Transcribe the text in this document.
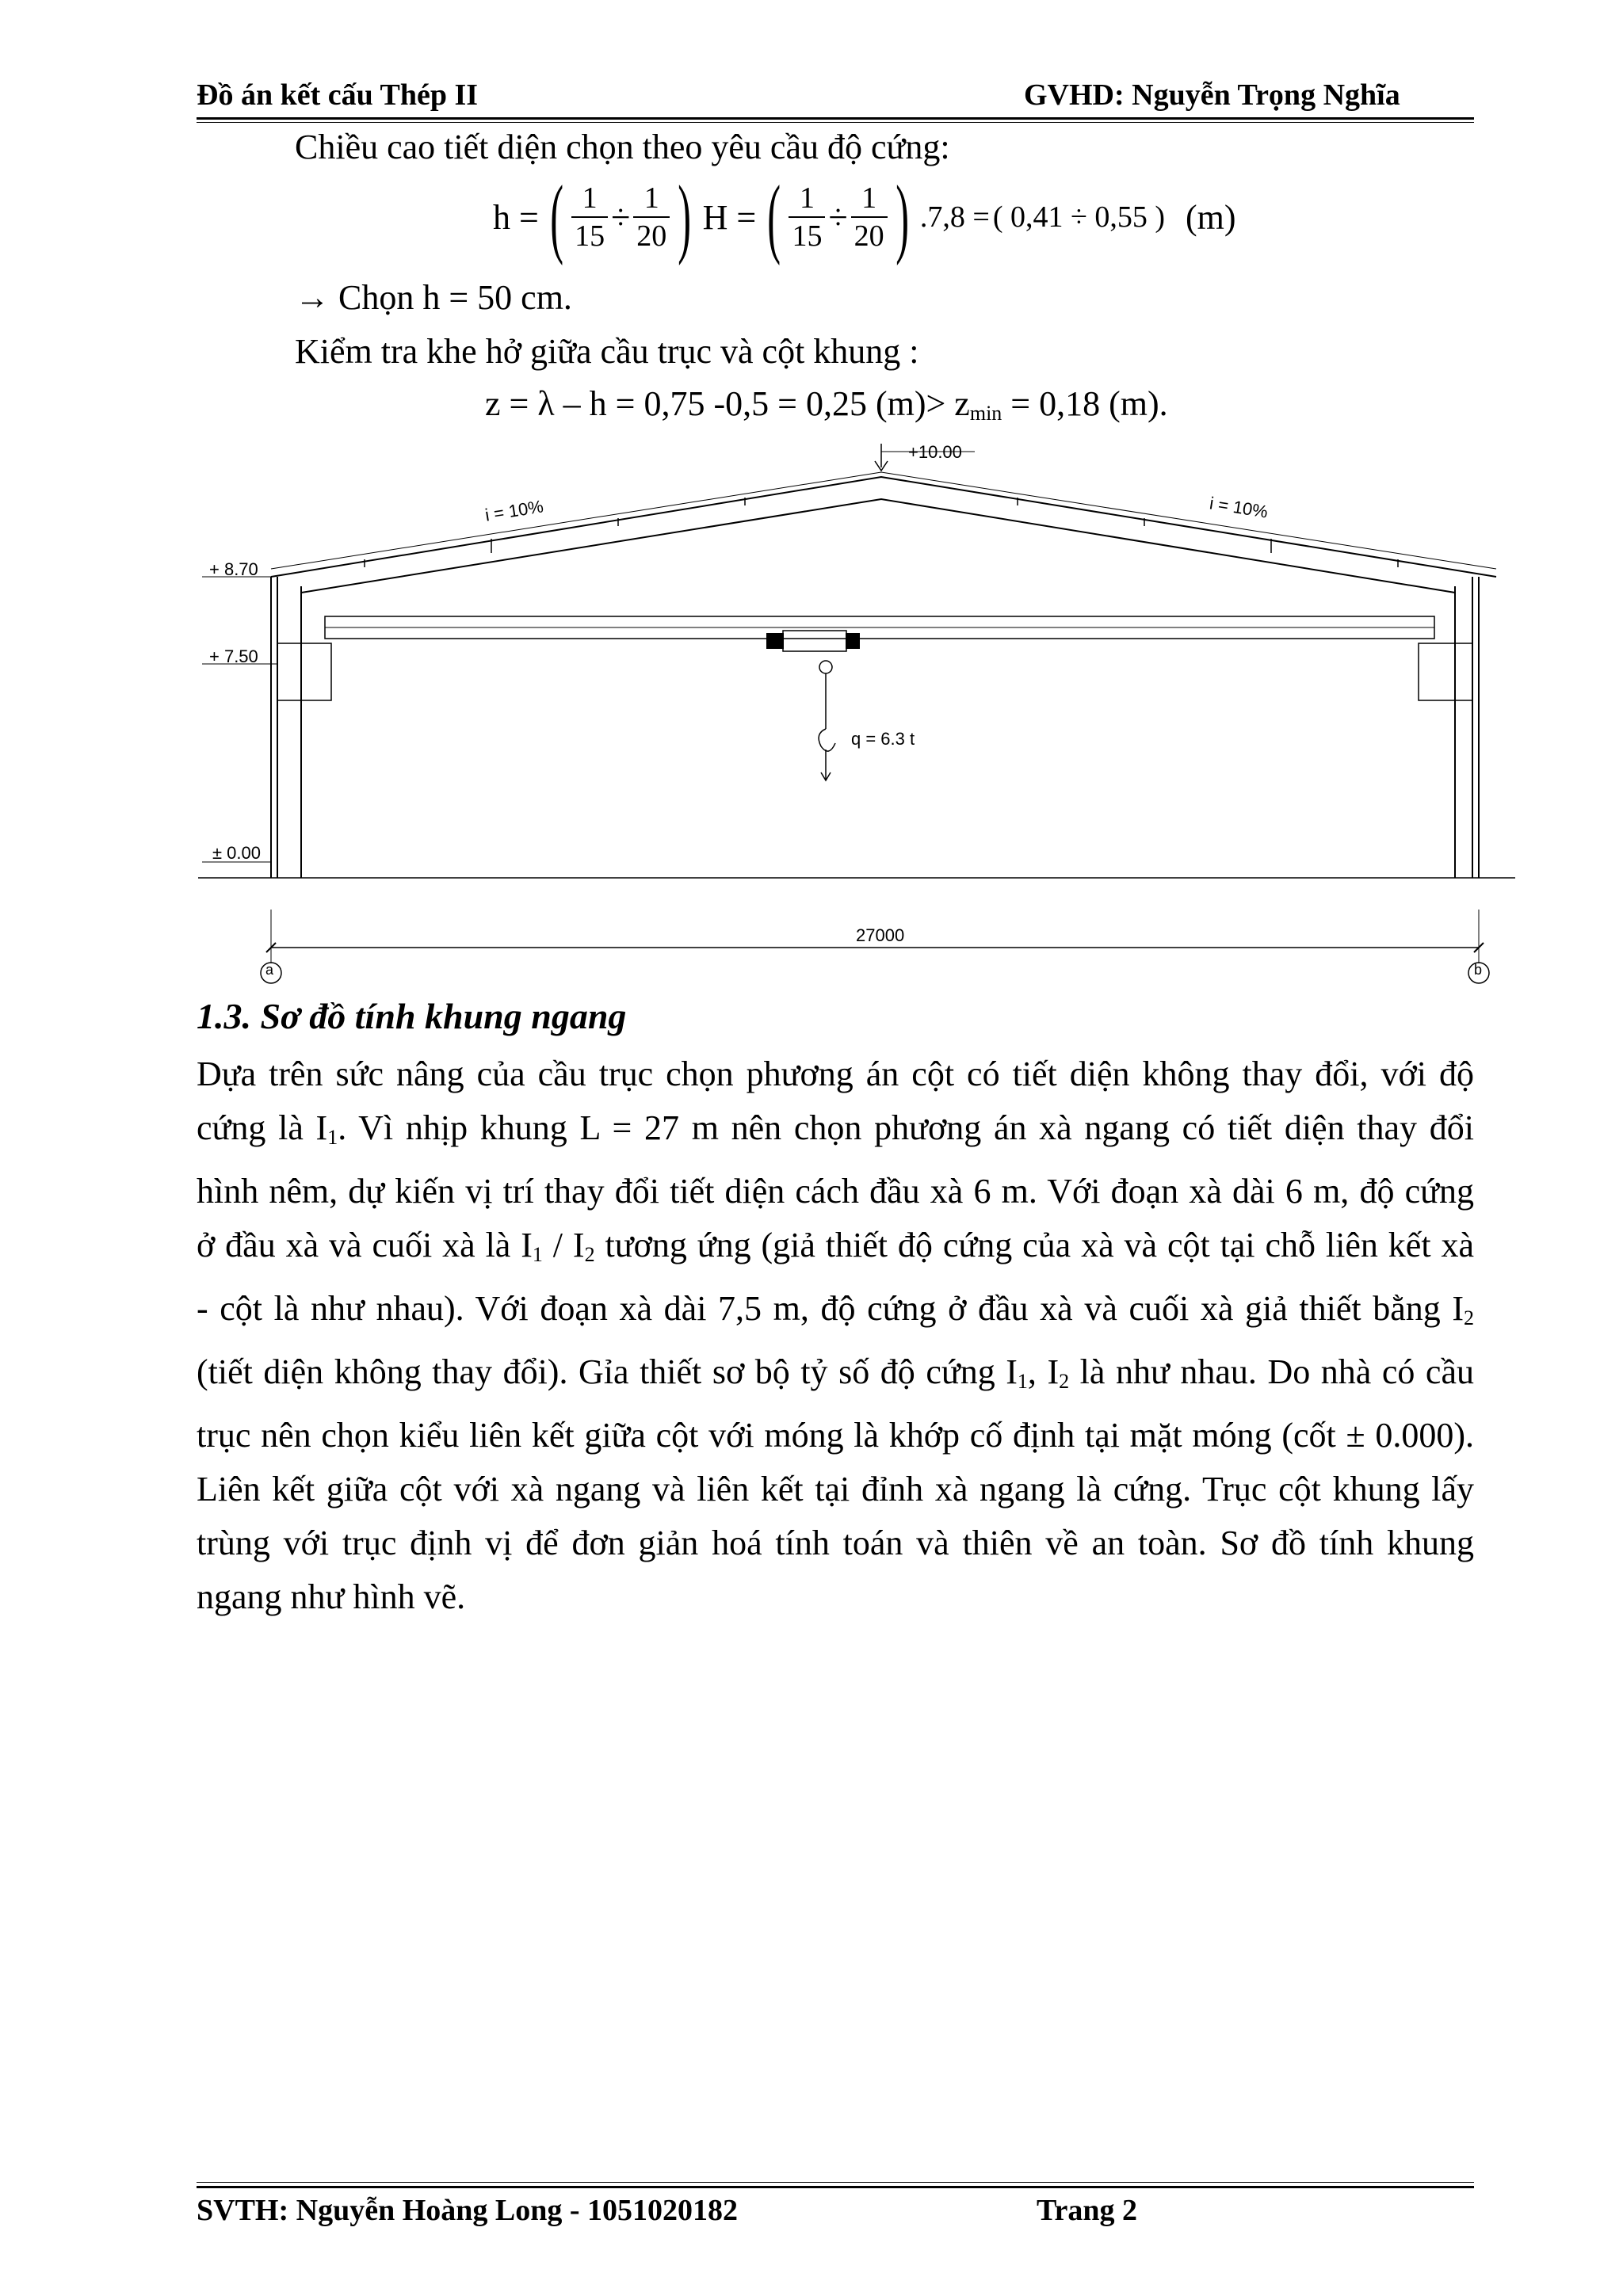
Đồ án kết cấu Thép II	GVHD: Nguyễn Trọng Nghĩa
Chiều cao tiết diện chọn theo yêu cầu độ cứng:
h = ( $\frac{1}{15} \div \frac{1}{20}$ ) H = ( $\frac{1}{15} \div \frac{1}{20}$ ) .7,8 = ( 0,41 ÷ 0,55 ) (m)
→ Chọn h = 50 cm.
Kiểm tra khe hở giữa cầu trục và cột khung :
z = λ – h = 0,75 -0,5 = 0,25 $(m)> z_{min} = 0,18$ (m).
+10.00
i = 10%	i = 10%
+ 8.70
+ 7.50
± 0.00
q = 6.3 t
27000
a	b
1.3. Sơ đồ tính khung ngang
Dựa trên sức nâng của cầu trục chọn phương án cột có tiết diện không thay đổi, với độ
cứng là $I_1$. Vì nhịp khung L = 27 m nên chọn phương án xà ngang có tiết diện thay đổi
hình nêm, dự kiến vị trí thay đổi tiết diện cách đầu xà 6 m. Với đoạn xà dài 6 m, độ cứng
ở đầu xà và cuối xà là $I_1 / I_2$ tương ứng (giả thiết độ cứng của xà và cột tại chỗ liên kết xà
- cột là như nhau). Với đoạn xà dài 7,5 m, độ cứng ở đầu xà và cuối xà giả thiết bằng $I_2$
(tiết diện không thay đổi). Gỉa thiết sơ bộ tỷ số độ cứng $I_1$, $I_2$ là như nhau. Do nhà có cầu
trục nên chọn kiểu liên kết giữa cột với móng là khớp cố định tại mặt móng (cốt ± 0.000).
Liên kết giữa cột với xà ngang và liên kết tại đỉnh xà ngang là cứng. Trục cột khung lấy
trùng với trục định vị để đơn giản hoá tính toán và thiên về an toàn. Sơ đồ tính khung
ngang như hình vẽ.
SVTH: Nguyễn Hoàng Long - 1051020182	Trang 2
